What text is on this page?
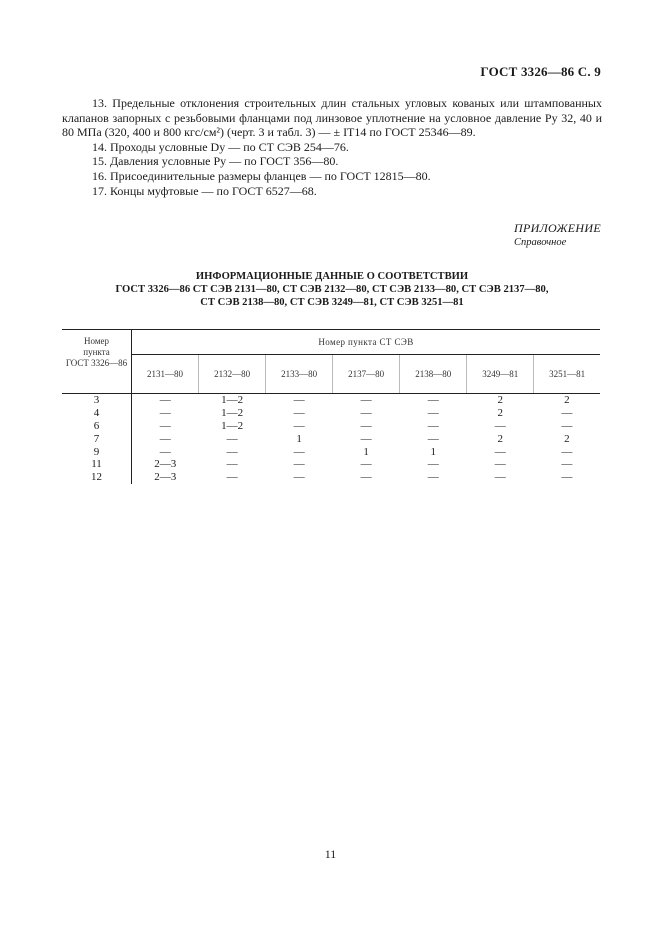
ГОСТ 3326—86 С. 9

13. Предельные отклонения строительных длин стальных угловых кованых или штампованных клапанов запорных с резьбовыми фланцами под линзовое уплотнение на условное давление Pу 32, 40 и 80 МПа (320, 400 и 800 кгс/см²) (черт. 3 и табл. 3) — ± IT14 по ГОСТ 25346—89.

14. Проходы условные Dу — по СТ СЭВ 254—76.

15. Давления условные Pу — по ГОСТ 356—80.

16. Присоединительные размеры фланцев — по ГОСТ 12815—80.

17. Концы муфтовые — по ГОСТ 6527—68.

ПРИЛОЖЕНИЕ
Справочное
ИНФОРМАЦИОННЫЕ ДАННЫЕ О СООТВЕТСТВИИ
ГОСТ 3326—86 СТ СЭВ 2131—80, СТ СЭВ 2132—80, СТ СЭВ 2133—80, СТ СЭВ 2137—80,
СТ СЭВ 2138—80, СТ СЭВ 3249—81, СТ СЭВ 3251—81
Номер
пункта
ГОСТ 3326—86	Номер пункта СТ СЭВ						
	2131—80	2132—80	2133—80	2137—80	2138—80	3249—81	3251—81
3	—	1—2	—	—	—	2	2
4	—	1—2	—	—	—	2	—
6	—	1—2	—	—	—	—	—
7	—	—	1	—	—	2	2
9	—	—	—	1	1	—	—
11	2—3	—	—	—	—	—	—
12	2—3	—	—	—	—	—	—
11
